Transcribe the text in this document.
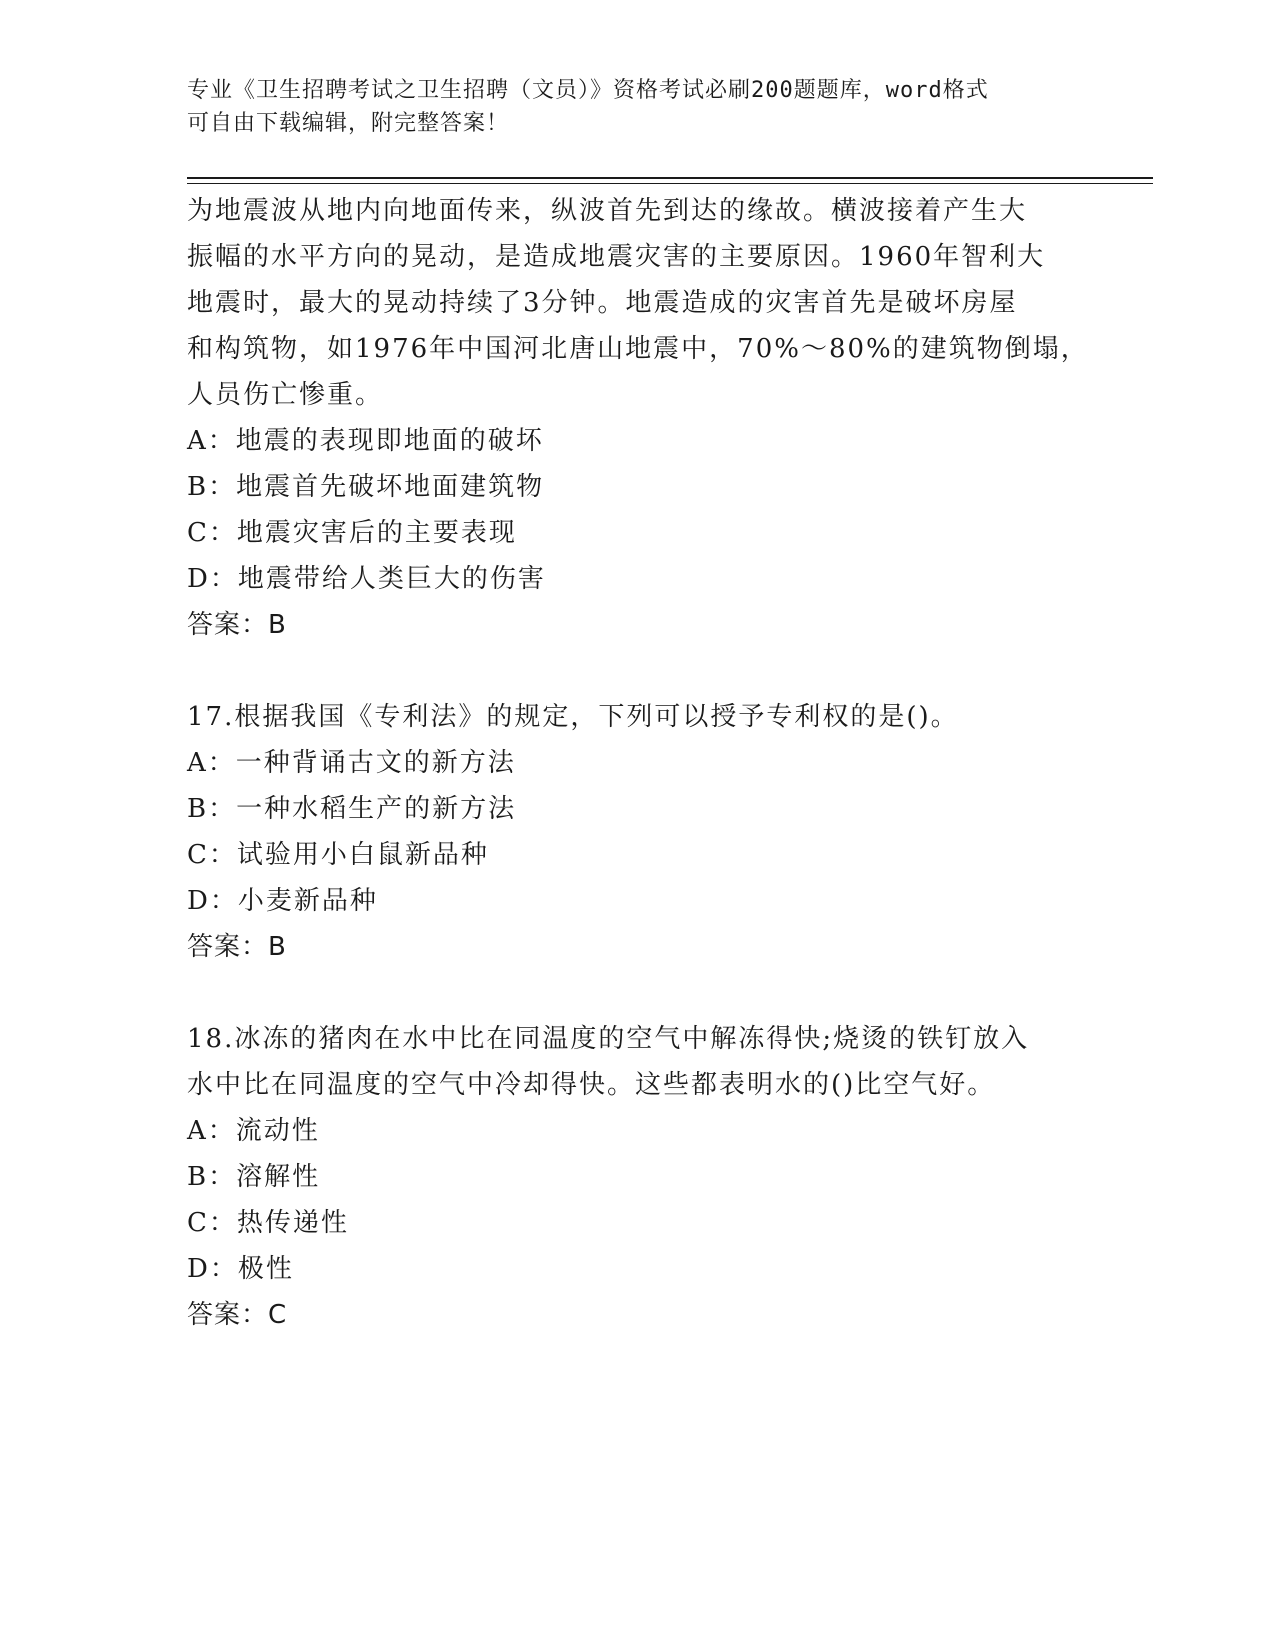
专业《卫生招聘考试之卫生招聘（文员）》资格考试必刷200题题库，word格式
可自由下载编辑，附完整答案！
为地震波从地内向地面传来，纵波首先到达的缘故。横波接着产生大
振幅的水平方向的晃动，是造成地震灾害的主要原因。1960年智利大
地震时，最大的晃动持续了3分钟。地震造成的灾害首先是破坏房屋
和构筑物，如1976年中国河北唐山地震中，70%～80%的建筑物倒塌，
人员伤亡惨重。
A：地震的表现即地面的破坏
B：地震首先破坏地面建筑物
C：地震灾害后的主要表现
D：地震带给人类巨大的伤害
答案：B
17.根据我国《专利法》的规定，下列可以授予专利权的是()。
A：一种背诵古文的新方法
B：一种水稻生产的新方法
C：试验用小白鼠新品种
D：小麦新品种
答案：B
18.冰冻的猪肉在水中比在同温度的空气中解冻得快;烧烫的铁钉放入
水中比在同温度的空气中冷却得快。这些都表明水的()比空气好。
A：流动性
B：溶解性
C：热传递性
D：极性
答案：C
